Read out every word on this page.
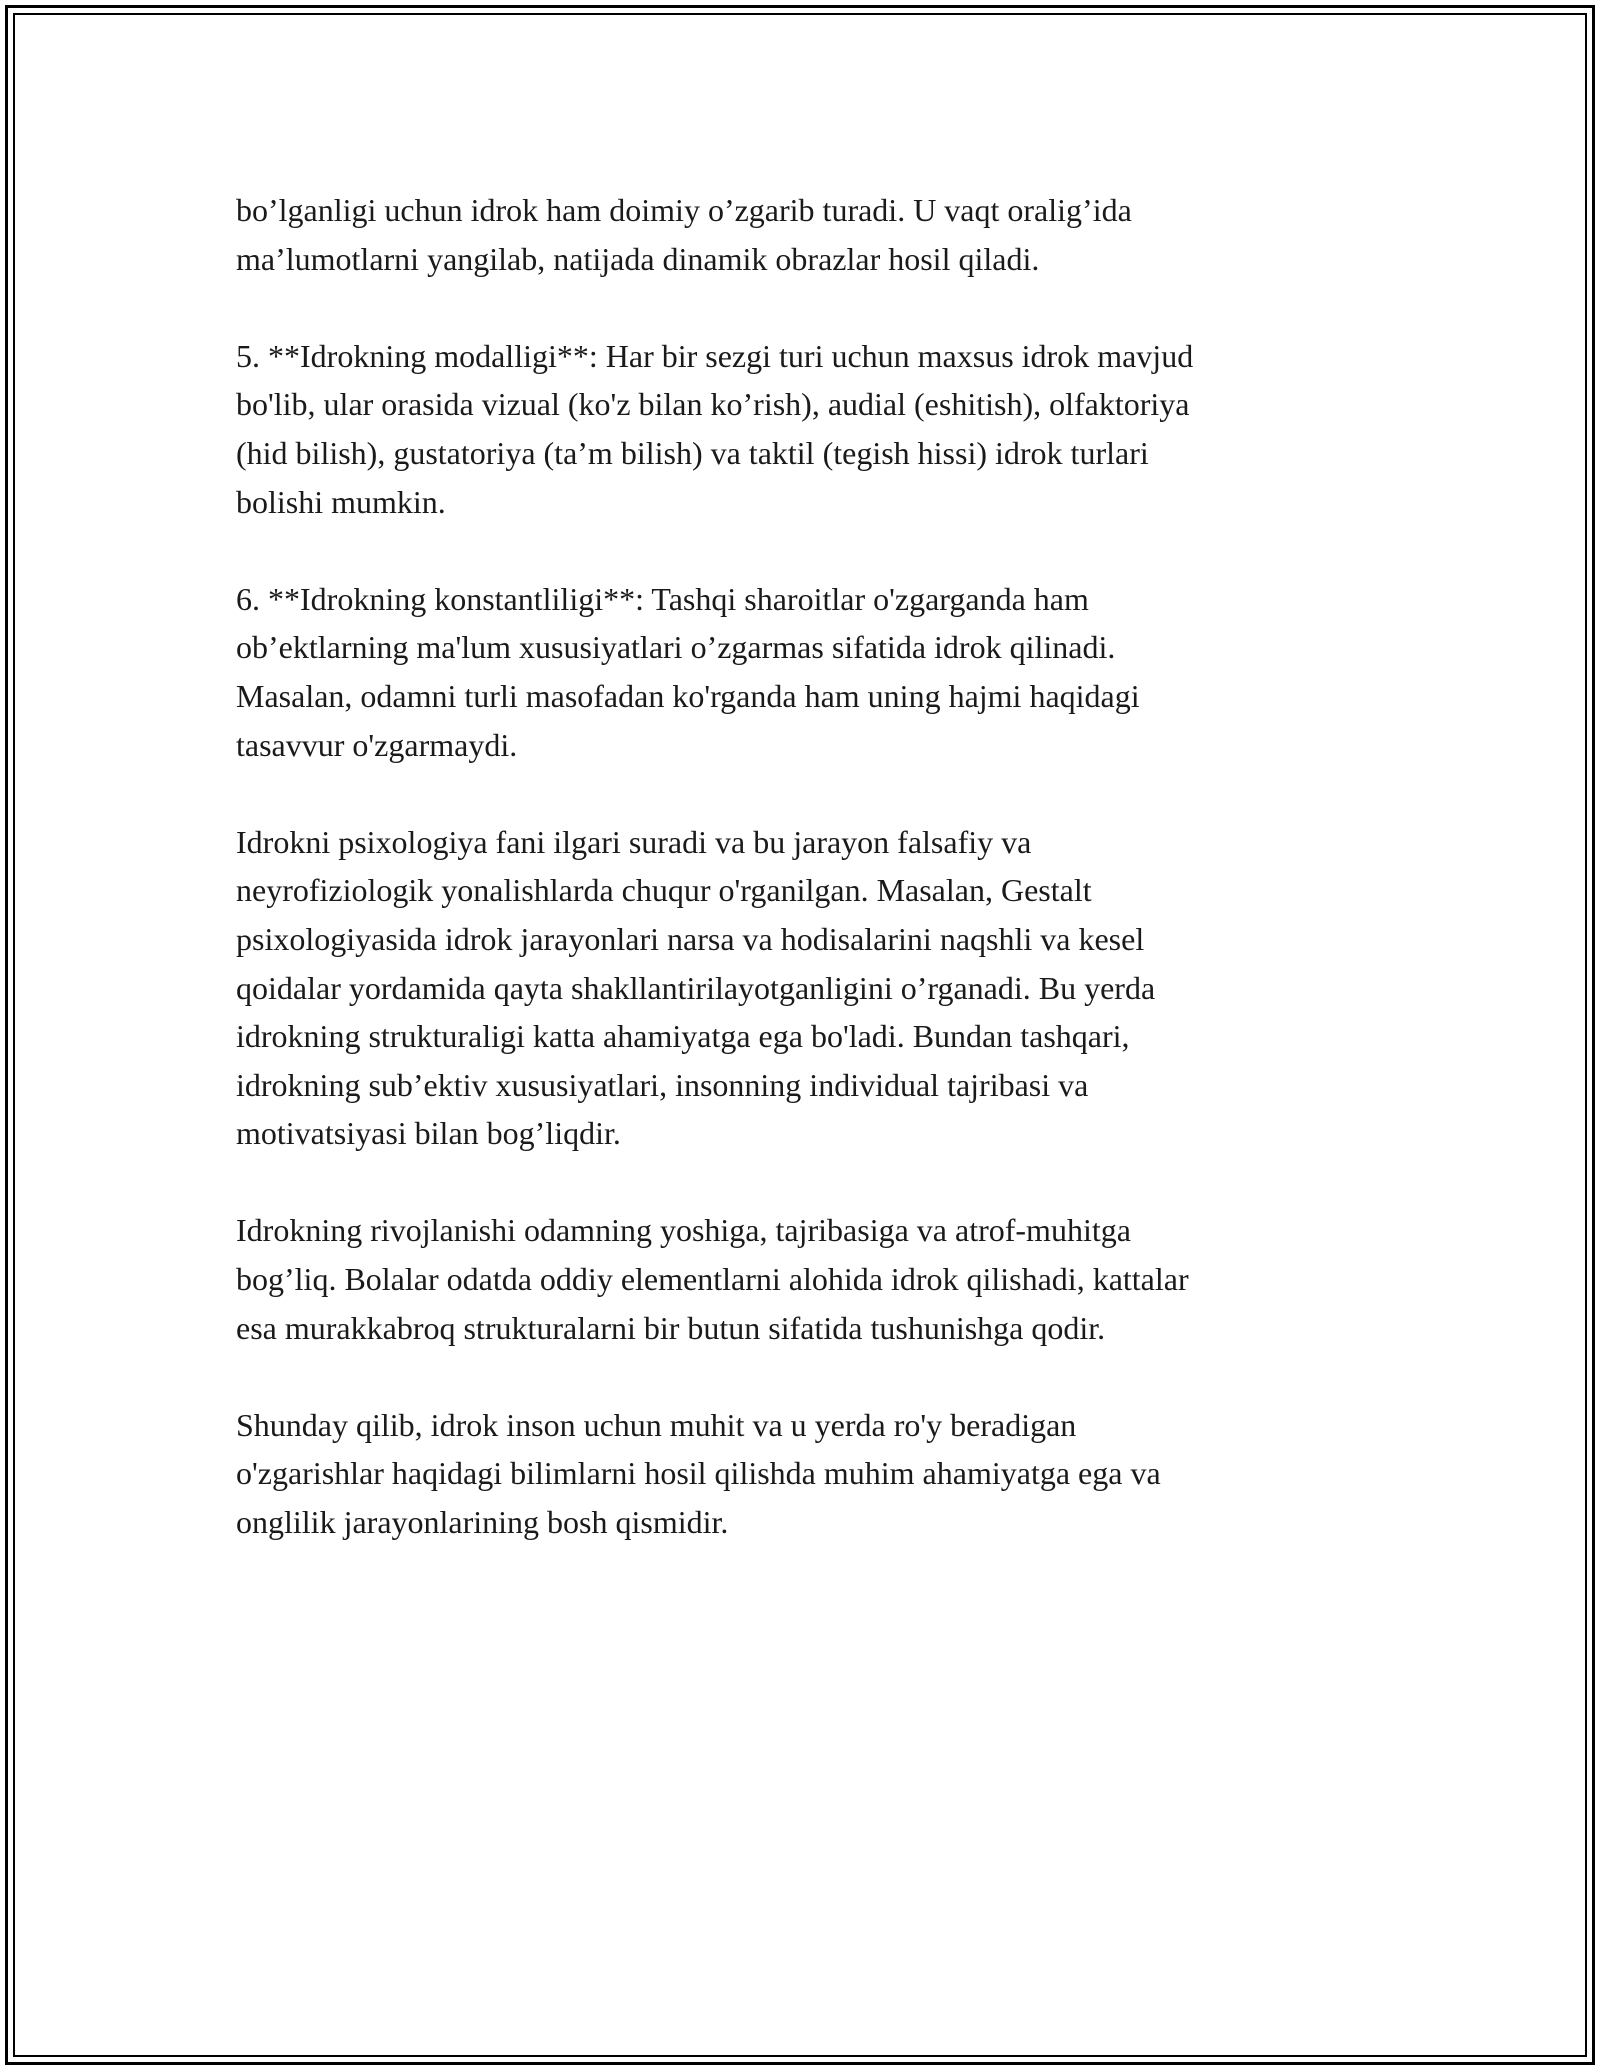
bo’lganligi uchun idrok ham doimiy o’zgarib turadi. U vaqt oralig’ida
ma’lumotlarni yangilab, natijada dinamik obrazlar hosil qiladi.

5. **Idrokning modalligi**: Har bir sezgi turi uchun maxsus idrok mavjud
bo'lib, ular orasida vizual (ko'z bilan ko’rish), audial (eshitish), olfaktoriya
(hid bilish), gustatoriya (ta’m bilish) va taktil (tegish hissi) idrok turlari
bolishi mumkin.

6. **Idrokning konstantliligi**: Tashqi sharoitlar o'zgarganda ham
ob’ektlarning ma'lum xususiyatlari o’zgarmas sifatida idrok qilinadi.
Masalan, odamni turli masofadan ko'rganda ham uning hajmi haqidagi
tasavvur o'zgarmaydi.

Idrokni psixologiya fani ilgari suradi va bu jarayon falsafiy va
neyrofiziologik yonalishlarda chuqur o'rganilgan. Masalan, Gestalt
psixologiyasida idrok jarayonlari narsa va hodisalarini naqshli va kesel
qoidalar yordamida qayta shakllantirilayotganligini o’rganadi. Bu yerda
idrokning strukturaligi katta ahamiyatga ega bo'ladi. Bundan tashqari,
idrokning sub’ektiv xususiyatlari, insonning individual tajribasi va
motivatsiyasi bilan bog’liqdir.

Idrokning rivojlanishi odamning yoshiga, tajribasiga va atrof-muhitga
bog’liq. Bolalar odatda oddiy elementlarni alohida idrok qilishadi, kattalar
esa murakkabroq strukturalarni bir butun sifatida tushunishga qodir.

Shunday qilib, idrok inson uchun muhit va u yerda ro'y beradigan
o'zgarishlar haqidagi bilimlarni hosil qilishda muhim ahamiyatga ega va
onglilik jarayonlarining bosh qismidir.
